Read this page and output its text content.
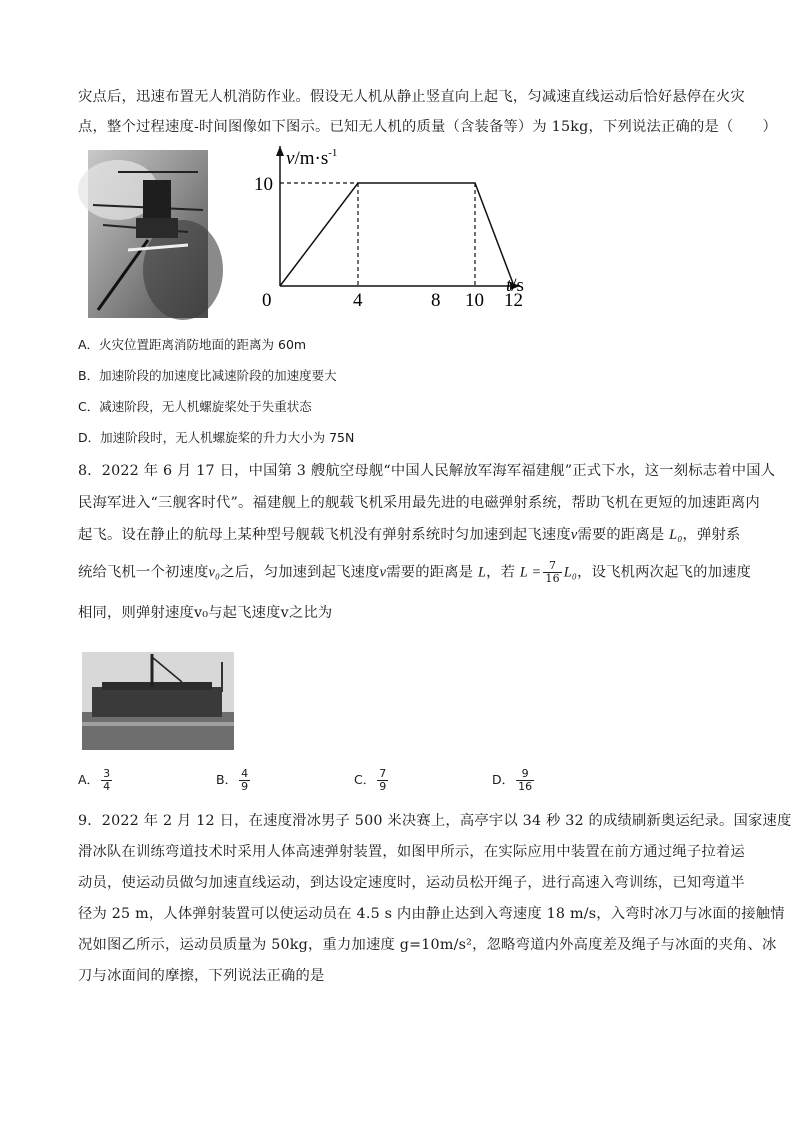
灾点后，迅速布置无人机消防作业。假设无人机从静止竖直向上起飞，匀减速直线运动后恰好悬停在火灾
点，整个过程速度-时间图像如下图示。已知无人机的质量（含装备等）为 15kg，下列说法正确的是（　　）
4	8 10 12
10
$v/m\cdot s^{-1}$
t/s
0
A．火灾位置距离消防地面的距离为 60m
B．加速阶段的加速度比减速阶段的加速度要大
C．减速阶段，无人机螺旋桨处于失重状态
D．加速阶段时，无人机螺旋桨的升力大小为 75N
8．2022 年 6 月 17 日，中国第 3 艘航空母舰“中国人民解放军海军福建舰”正式下水，这一刻标志着中国人
民海军进入“三舰客时代”。福建舰上的舰载飞机采用最先进的电磁弹射系统，帮助飞机在更短的加速距离内
起飞。设在静止的航母上某种型号舰载飞机没有弹射系统时匀加速到起飞速度v需要的距离是 L₀，弹射系
统给飞机一个初速度v₀之后，匀加速到起飞速度v需要的距离是 L，若 $L = \frac{7}{16} L_0$，设飞机两次起飞的加速度
相同，则弹射速度v₀与起飞速度v之比为
A． $\frac{3}{4}$	B． $\frac{4}{9}$	C． $\frac{7}{9}$	D． $\frac{9}{16}$
9．2022 年 2 月 12 日，在速度滑冰男子 500 米决赛上，高亭宇以 34 秒 32 的成绩刷新奥运纪录。国家速度
滑冰队在训练弯道技术时采用人体高速弹射装置，如图甲所示，在实际应用中装置在前方通过绳子拉着运
动员，使运动员做匀加速直线运动，到达设定速度时，运动员松开绳子，进行高速入弯训练，已知弯道半
径为 25 m，人体弹射装置可以使运动员在 4.5 s 内由静止达到入弯速度 18 m/s，入弯时冰刀与冰面的接触情
况如图乙所示，运动员质量为 50kg，重力加速度 g=10m/s²，忽略弯道内外高度差及绳子与冰面的夹角、冰
刀与冰面间的摩擦，下列说法正确的是
